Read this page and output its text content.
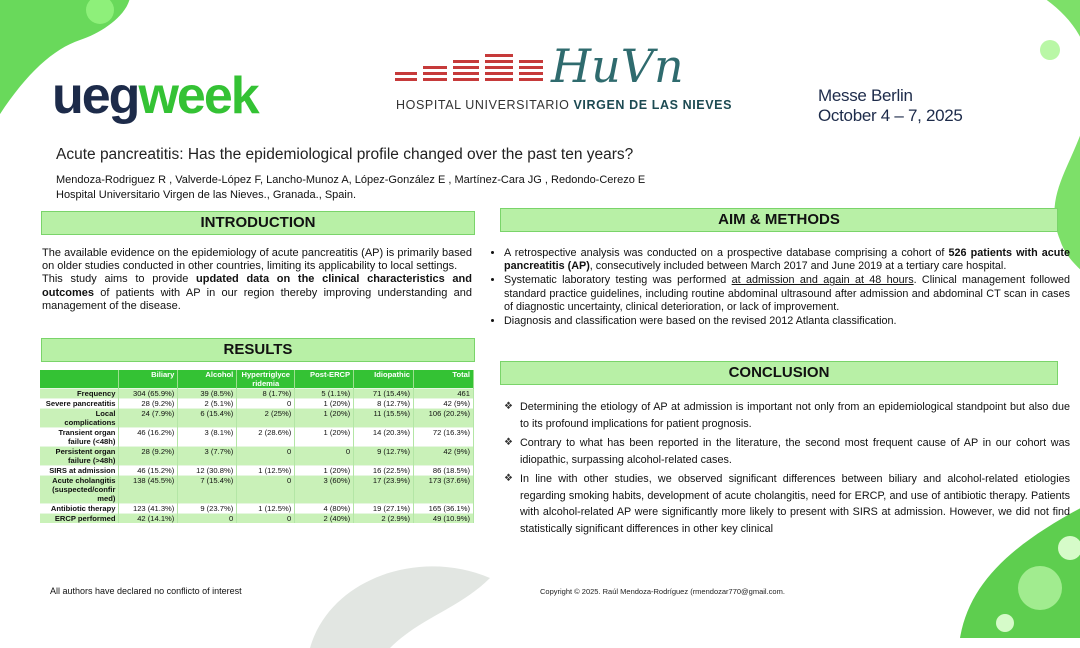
uegweek
HuVn
HOSPITAL UNIVERSITARIO VIRGEN DE LAS NIEVES	Messe Berlin
October 4 – 7, 2025
Acute pancreatitis: Has the epidemiological profile changed over the past ten years?
Mendoza-Rodriguez R , Valverde-López F, Lancho-Munoz A, López-González E , Martínez-Cara JG , Redondo-Cerezo E
Hospital Universitario Virgen de las Nieves., Granada., Spain.
INTRODUCTION
The available evidence on the epidemiology of acute pancreatitis (AP) is primarily based on older studies conducted in other countries, limiting its applicability to local settings.
This study aims to provide updated data on the clinical characteristics and outcomes of patients with AP in our region thereby improving understanding and management of the disease.
RESULTS
	Biliary	Alcohol	Hypertriglyce ridemia	Post-ERCP	Idiopathic	Total
Frequency	304 (65.9%)	39 (8.5%)	8 (1.7%)	5 (1.1%)	71 (15.4%)	461
Severe pancreatitis	28 (9.2%)	2 (5.1%)	0	1 (20%)	8 (12.7%)	42 (9%)
Local complications	24 (7.9%)	6 (15.4%)	2 (25%)	1 (20%)	11 (15.5%)	106 (20.2%)
Transient organ failure (<48h)	46 (16.2%)	3 (8.1%)	2 (28.6%)	1 (20%)	14 (20.3%)	72 (16.3%)
Persistent organ failure (>48h)	28 (9.2%)	3 (7.7%)	0	0	9 (12.7%)	42 (9%)
SIRS at admission	46 (15.2%)	12 (30.8%)	1 (12.5%)	1 (20%)	16 (22.5%)	86 (18.5%)
Acute cholangitis (suspected/confir med)	138 (45.5%)	7 (15.4%)	0	3 (60%)	17 (23.9%)	173 (37.6%)
Antibiotic therapy	123 (41.3%)	9 (23.7%)	1 (12.5%)	4 (80%)	19 (27.1%)	165 (36.1%)
ERCP performed	42 (14.1%)	0	0	2 (40%)	2 (2.9%)	49 (10.9%)
AIM & METHODS
• A retrospective analysis was conducted on a prospective database comprising a cohort of 526 patients with acute pancreatitis (AP), consecutively included between March 2017 and June 2019 at a tertiary care hospital.
• Systematic laboratory testing was performed at admission and again at 48 hours. Clinical management followed standard practice guidelines, including routine abdominal ultrasound after admission and abdominal CT scan in cases of diagnostic uncertainty, clinical deterioration, or lack of improvement.
• Diagnosis and classification were based on the revised 2012 Atlanta classification.
CONCLUSION
❖ Determining the etiology of AP at admission is important not only from an epidemiological standpoint but also due to its profound implications for patient prognosis.
❖ Contrary to what has been reported in the literature, the second most frequent cause of AP in our cohort was idiopathic, surpassing alcohol-related cases.
❖ In line with other studies, we observed significant differences between biliary and alcohol-related etiologies regarding smoking habits, development of acute cholangitis, need for ERCP, and use of antibiotic therapy. Patients with alcohol-related AP were significantly more likely to present with SIRS at admission. However, we did not find statistically significant differences in other key clinical
All authors have declared no conflicto of interest	Copyright © 2025. Raúl Mendoza-Rodríguez (rmendozar770@gmail.com.
